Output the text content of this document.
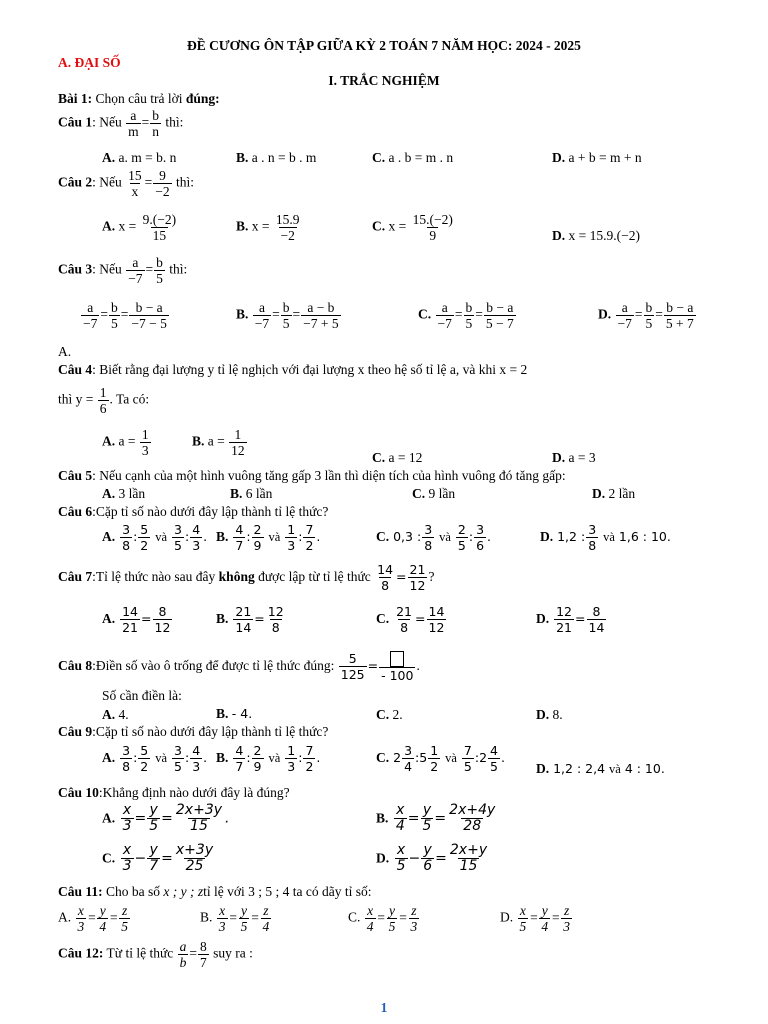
ĐỀ CƯƠNG ÔN TẬP GIỮA KỲ 2 TOÁN 7 NĂM HỌC: 2024 - 2025
A. ĐẠI SỐ
I. TRẮC NGHIỆM
Bài 1: Chọn câu trả lời đúng:
Câu 1: Nếu $\frac{a}{m} = \frac{b}{n}$ thì:
A. a. m = b. n	B. a . n = b . m	C. a . b = m . n	D. a + b = m + n
Câu 2: Nếu $\frac{15}{x} = \frac{9}{-2}$ thì:
A. $x = \frac{9.(-2)}{15}$	B. $x = \frac{15.9}{-2}$	C. $x = \frac{15.(-2)}{9}$	D. x = 15.9.(−2)
Câu 3: Nếu $\frac{a}{-7} = \frac{b}{5}$ thì:
$\frac{a}{-7} = \frac{b}{5} = \frac{b - a}{-7 - 5}$	B. $\frac{a}{-7} = \frac{b}{5} = \frac{a - b}{-7 + 5}$	C. $\frac{a}{-7} = \frac{b}{5} = \frac{b - a}{5 - 7}$	D. $\frac{a}{-7} = \frac{b}{5} = \frac{b - a}{5 + 7}$
A.
Câu 4: Biết rằng đại lượng y tỉ lệ nghịch với đại lượng x theo hệ số tỉ lệ a, và khi x = 2
thì $y = \frac{1}{6}$ . Ta có:
A. $a = \frac{1}{3}$	B. $a = \frac{1}{12}$	C. a = 12	D. a = 3
Câu 5: Nếu cạnh của một hình vuông tăng gấp 3 lần thì diện tích của hình vuông đó tăng gấp:
A. 3 lần	B. 6 lần	C. 9 lần	D. 2 lần
Câu 6:Cặp tỉ số nào dưới đây lập thành tỉ lệ thức?
A. $\frac{3}{8}$ : $\frac{5}{2}$ và $\frac{3}{5}$ : $\frac{4}{3}$ . B. $\frac{4}{7}$ : $\frac{2}{9}$ và $\frac{1}{3}$ : $\frac{7}{2}$ .	C. 0,3 : $\frac{3}{8}$ và $\frac{2}{5}$ : $\frac{3}{6}$ .	D. 1,2 : $\frac{3}{8}$ và 1,6 : 10.
Câu 7:Tỉ lệ thức nào sau đây không được lập từ tỉ lệ thức $\frac{14}{8} = \frac{21}{12}$ ?
A. $\frac{14}{21} = \frac{8}{12}$	B. $\frac{21}{14} = \frac{12}{8}$	C. $\frac{21}{8} = \frac{14}{12}$	D. $\frac{12}{21} = \frac{8}{14}$
Câu 8:Điền số vào ô trống để được tỉ lệ thức đúng: $\frac{5}{125}$ =
- 100
.
Số cần điền là:
A. 4.	B. - 4.	C. 2.	D. 8.
Câu 9:Cặp tỉ số nào dưới đây lập thành tỉ lệ thức?
A. $\frac{3}{8}$ : $\frac{5}{2}$ và $\frac{3}{5}$ : $\frac{4}{3}$ . B. $\frac{4}{7}$ : $\frac{2}{9}$ và $\frac{1}{3}$ : $\frac{7}{2}$ .	C. $2 \frac{3}{4}$ :5 $\frac{1}{2}$ và $\frac{7}{5}$ :2 $\frac{4}{5}$ .
D. 1,2 : 2,4 và 4 : 10.
Câu 10:Khẳng định nào dưới đây là đúng?
A. $\frac{x}{3} = \frac{y}{5} = \frac{2x+3y}{15}$ .	B. $\frac{x}{4} = \frac{y}{5} = \frac{2x+4y}{28}$
C. $\frac{x}{3} - \frac{y}{7} = \frac{x+3y}{25}$	D. $\frac{x}{5} - \frac{y}{6} = \frac{2x+y}{15}$
Câu 11: Cho ba số x ; y ; ztỉ lệ với 3 ; 5 ; 4 ta có dãy tỉ số:
A. $\frac{x}{3} = \frac{y}{4} = \frac{z}{5}$	B. $\frac{x}{3} = \frac{y}{5} = \frac{z}{4}$	C. $\frac{x}{4} = \frac{y}{5} = \frac{z}{3}$	D. $\frac{x}{5} = \frac{y}{4} = \frac{z}{3}$
Câu 12: Từ tỉ lệ thức $\frac{a}{b} = \frac{8}{7}$ suy ra :
1
